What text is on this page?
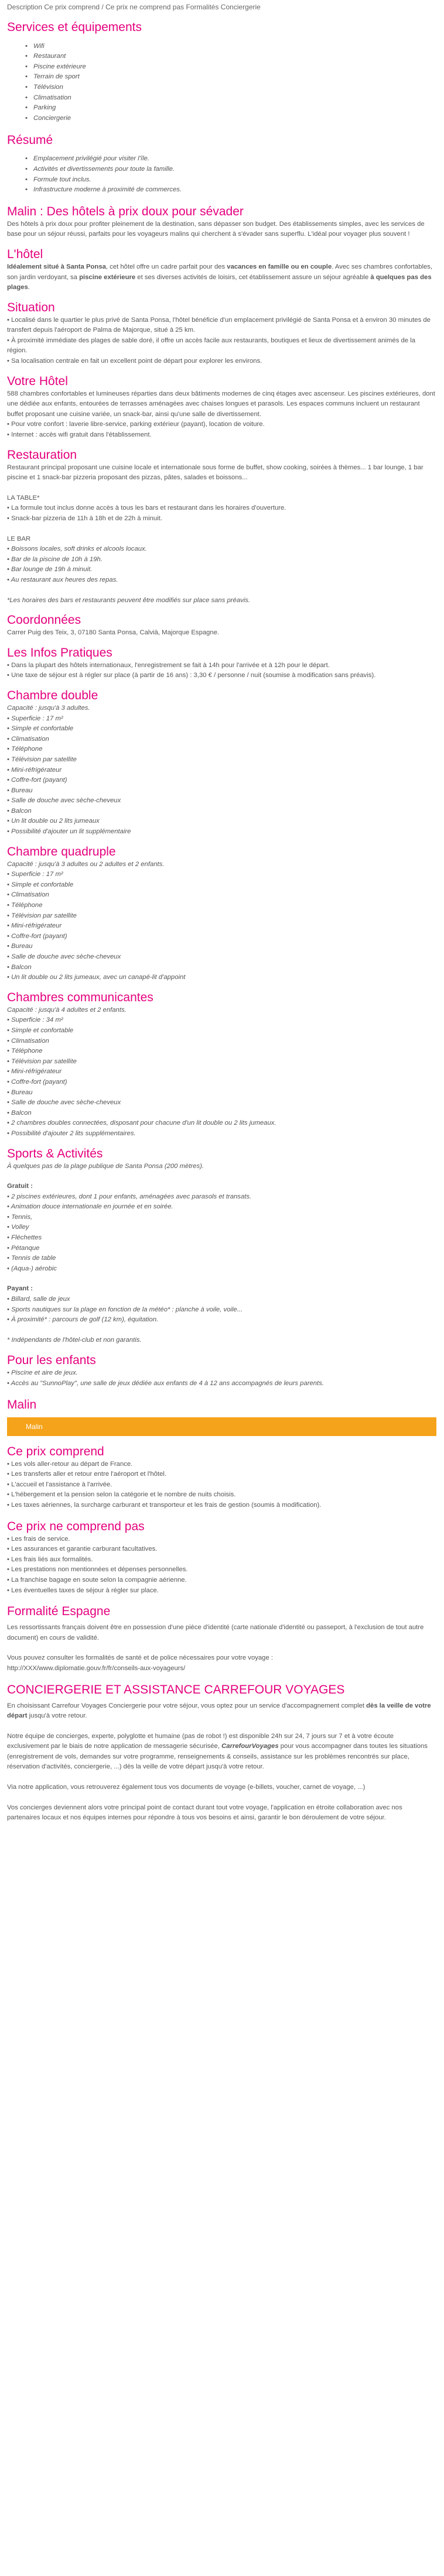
Description Ce prix comprend / Ce prix ne comprend pas Formalités Conciergerie
Services et équipements
• Wifi
• Restaurant
• Piscine extérieure
• Terrain de sport
• Télévision
• Climatisation
• Parking
• Conciergerie
Résumé
• Emplacement privilégié pour visiter l'île.
• Activités et divertissements pour toute la famille.
• Formule tout inclus.
• Infrastructure moderne à proximité de commerces.
Malin : Des hôtels à prix doux pour sévader

Des hôtels à prix doux pour profiter pleinement de la destination, sans dépasser son budget. Des établissements simples, avec les services de base pour un séjour réussi, parfaits pour les voyageurs malins qui cherchent à s'évader sans superflu. L'idéal pour voyager plus souvent !

L'hôtel

Idéalement situé à Santa Ponsa, cet hôtel offre un cadre parfait pour des vacances en famille ou en couple. Avec ses chambres confortables, son jardin verdoyant, sa piscine extérieure et ses diverses activités de loisirs, cet établissement assure un séjour agréable à quelques pas des plages.

Situation

• Localisé dans le quartier le plus privé de Santa Ponsa, l'hôtel bénéficie d'un emplacement privilégié de Santa Ponsa et à environ 30 minutes de transfert depuis l'aéroport de Palma de Majorque, situé à 25 km.

• À proximité immédiate des plages de sable doré, il offre un accès facile aux restaurants, boutiques et lieux de divertissement animés de la région.

• Sa localisation centrale en fait un excellent point de départ pour explorer les environs.

Votre Hôtel

588 chambres confortables et lumineuses réparties dans deux bâtiments modernes de cinq étages avec ascenseur. Les piscines extérieures, dont une dédiée aux enfants, entourées de terrasses aménagées avec chaises longues et parasols. Les espaces communs incluent un restaurant buffet proposant une cuisine variée, un snack-bar, ainsi qu'une salle de divertissement.

• Pour votre confort : laverie libre-service, parking extérieur (payant), location de voiture.

• Internet : accès wifi gratuit dans l'établissement.

Restauration

Restaurant principal proposant une cuisine locale et internationale sous forme de buffet, show cooking, soirées à thèmes... 1 bar lounge, 1 bar piscine et 1 snack-bar pizzeria proposant des pizzas, pâtes, salades et boissons...

LA TABLE*

• La formule tout inclus donne accès à tous les bars et restaurant dans les horaires d'ouverture.

• Snack-bar pizzeria de 11h à 18h et de 22h à minuit.

LE BAR

• Boissons locales, soft drinks et alcools locaux.

• Bar de la piscine de 10h à 19h.

• Bar lounge de 19h à minuit.

• Au restaurant aux heures des repas.

*Les horaires des bars et restaurants peuvent être modifiés sur place sans préavis.

Coordonnées

Carrer Puig des Teix, 3, 07180 Santa Ponsa, Calvià, Majorque Espagne.

Les Infos Pratiques

• Dans la plupart des hôtels internationaux, l'enregistrement se fait à 14h pour l'arrivée et à 12h pour le départ.

• Une taxe de séjour est à régler sur place (à partir de 16 ans) : 3,30 € / personne / nuit (soumise à modification sans préavis).

Chambre double

Capacité : jusqu'à 3 adultes.

• Superficie : 17 m²

• Simple et confortable

• Climatisation

• Téléphone

• Télévision par satellite

• Mini-réfrigérateur

• Coffre-fort (payant)

• Bureau

• Salle de douche avec sèche-cheveux

• Balcon

• Un lit double ou 2 lits jumeaux

• Possibilité d'ajouter un lit supplémentaire

Chambre quadruple

Capacité : jusqu'à 3 adultes ou 2 adultes et 2 enfants.

• Superficie : 17 m²

• Simple et confortable

• Climatisation

• Téléphone

• Télévision par satellite

• Mini-réfrigérateur

• Coffre-fort (payant)

• Bureau

• Salle de douche avec sèche-cheveux

• Balcon

• Un lit double ou 2 lits jumeaux, avec un canapé-lit d'appoint

Chambres communicantes

Capacité : jusqu'à 4 adultes et 2 enfants.

• Superficie : 34 m²

• Simple et confortable

• Climatisation

• Téléphone

• Télévision par satellite

• Mini-réfrigérateur

• Coffre-fort (payant)

• Bureau

• Salle de douche avec sèche-cheveux

• Balcon

• 2 chambres doubles connectées, disposant pour chacune d'un lit double ou 2 lits jumeaux.

• Possibilité d'ajouter 2 lits supplémentaires.

Sports & Activités

À quelques pas de la plage publique de Santa Ponsa (200 mètres).

Gratuit :

• 2 piscines extérieures, dont 1 pour enfants, aménagées avec parasols et transats.

• Animation douce internationale en journée et en soirée.

• Tennis,

• Volley

• Fléchettes

• Pétanque

• Tennis de table

• (Aqua-) aérobic

Payant :

• Billard, salle de jeux

• Sports nautiques sur la plage en fonction de la météo* : planche à voile, voile...

• À proximité* : parcours de golf (12 km), équitation.

* Indépendants de l'hôtel-club et non garantis.

Pour les enfants

• Piscine et aire de jeux.

• Accès au "SunnoPlay", une salle de jeux dédiée aux enfants de 4 à 12 ans accompagnés de leurs parents.

Malin
Malin
Ce prix comprend

• Les vols aller-retour au départ de France.

• Les transferts aller et retour entre l'aéroport et l'hôtel.

• L'accueil et l'assistance à l'arrivée.

• L'hébergement et la pension selon la catégorie et le nombre de nuits choisis.

• Les taxes aériennes, la surcharge carburant et transporteur et les frais de gestion (soumis à modification).

Ce prix ne comprend pas

• Les frais de service.

• Les assurances et garantie carburant facultatives.

• Les frais liés aux formalités.

• Les prestations non mentionnées et dépenses personnelles.

• La franchise bagage en soute selon la compagnie aérienne.

• Les éventuelles taxes de séjour à régler sur place.

Formalité Espagne

Les ressortissants français doivent être en possession d'une pièce d'identité (carte nationale d'identité ou passeport, à l'exclusion de tout autre document) en cours de validité.

Vous pouvez consulter les formalités de santé et de police nécessaires pour votre voyage :

http://XXX/www.diplomatie.gouv.fr/fr/conseils-aux-voyageurs/

CONCIERGERIE ET ASSISTANCE CARREFOUR VOYAGES

En choisissant Carrefour Voyages Conciergerie pour votre séjour, vous optez pour un service d'accompagnement complet dès la veille de votre départ jusqu'à votre retour.

Notre équipe de concierges, experte, polyglotte et humaine (pas de robot !) est disponible 24h sur 24, 7 jours sur 7 et à votre écoute exclusivement par le biais de notre application de messagerie sécurisée, CarrefourVoyages pour vous accompagner dans toutes les situations (enregistrement de vols, demandes sur votre programme, renseignements & conseils, assistance sur les problèmes rencontrés sur place, réservation d'activités, conciergerie, ...) dès la veille de votre départ jusqu'à votre retour.

Via notre application, vous retrouverez également tous vos documents de voyage (e-billets, voucher, carnet de voyage, ...)

Vos concierges deviennent alors votre principal point de contact durant tout votre voyage, l'application en étroite collaboration avec nos partenaires locaux et nos équipes internes pour répondre à tous vos besoins et ainsi, garantir le bon déroulement de votre séjour.
